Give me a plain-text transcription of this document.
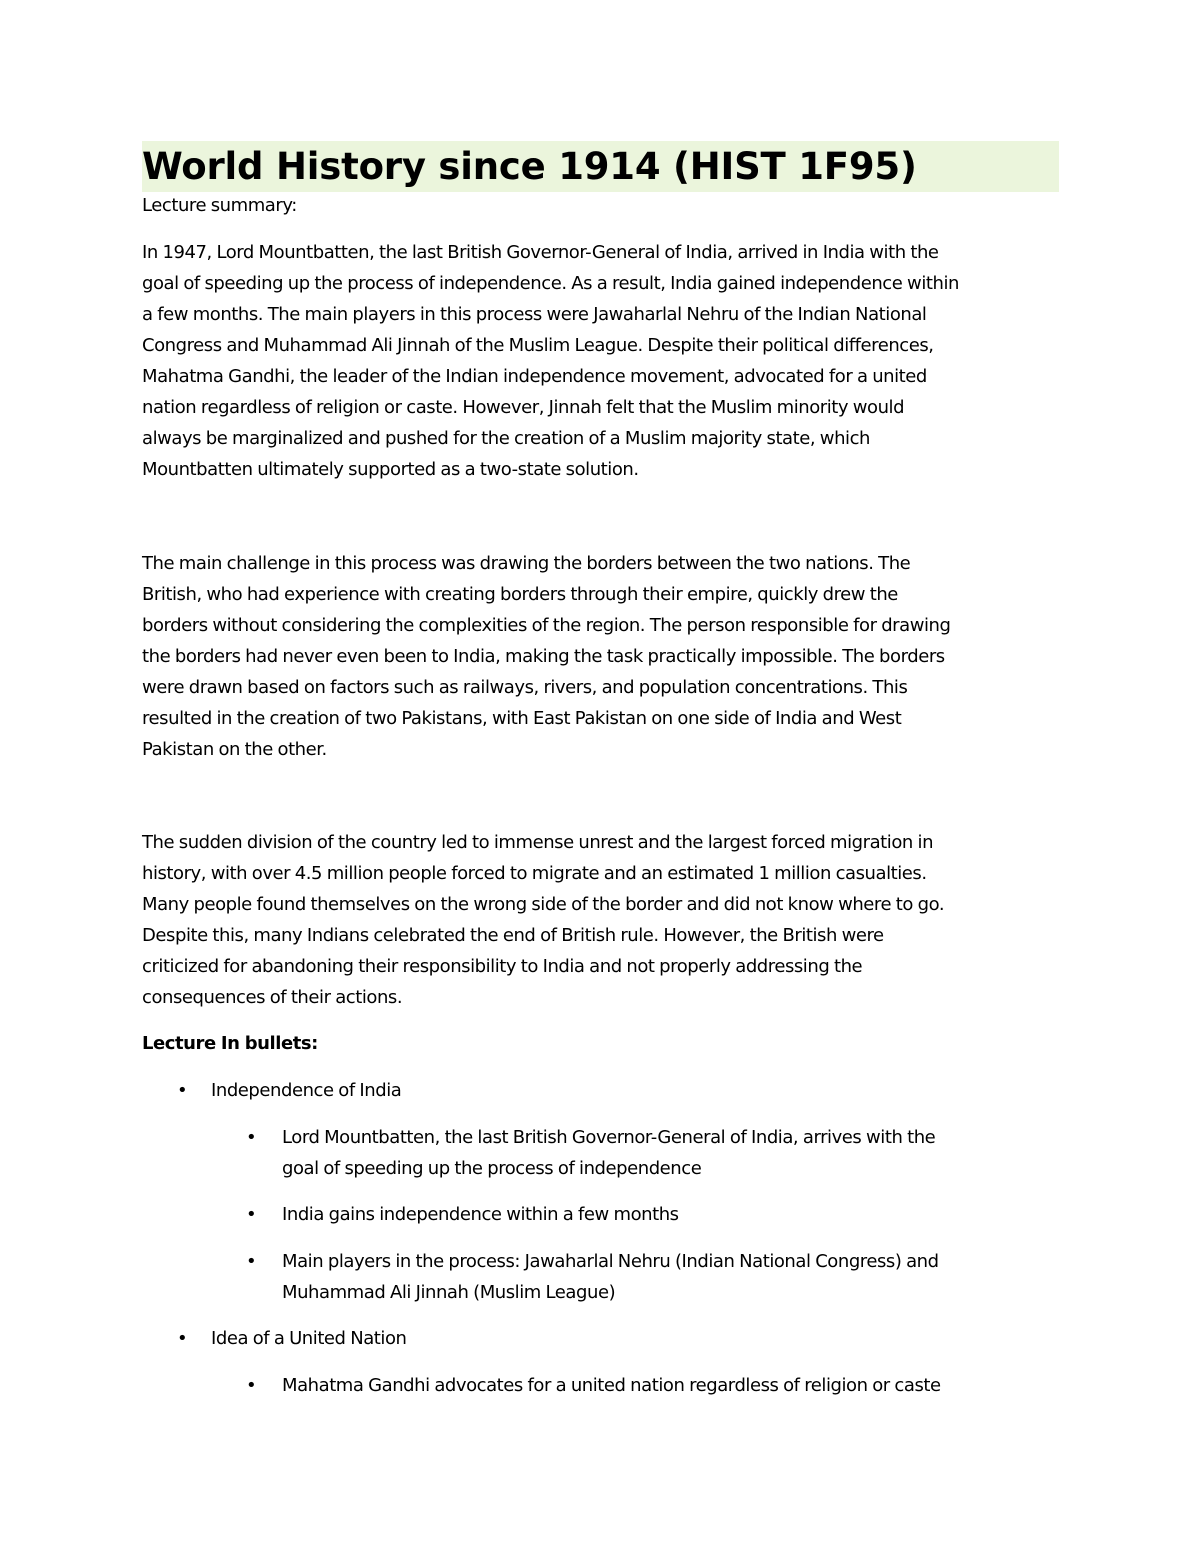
World History since 1914 (HIST 1F95)

Lecture summary:

In 1947, Lord Mountbatten, the last British Governor-General of India, arrived in India with the
goal of speeding up the process of independence. As a result, India gained independence within
a few months. The main players in this process were Jawaharlal Nehru of the Indian National
Congress and Muhammad Ali Jinnah of the Muslim League. Despite their political differences,
Mahatma Gandhi, the leader of the Indian independence movement, advocated for a united
nation regardless of religion or caste. However, Jinnah felt that the Muslim minority would
always be marginalized and pushed for the creation of a Muslim majority state, which
Mountbatten ultimately supported as a two-state solution.

The main challenge in this process was drawing the borders between the two nations. The
British, who had experience with creating borders through their empire, quickly drew the
borders without considering the complexities of the region. The person responsible for drawing
the borders had never even been to India, making the task practically impossible. The borders
were drawn based on factors such as railways, rivers, and population concentrations. This
resulted in the creation of two Pakistans, with East Pakistan on one side of India and West
Pakistan on the other.

The sudden division of the country led to immense unrest and the largest forced migration in
history, with over 4.5 million people forced to migrate and an estimated 1 million casualties.
Many people found themselves on the wrong side of the border and did not know where to go.
Despite this, many Indians celebrated the end of British rule. However, the British were
criticized for abandoning their responsibility to India and not properly addressing the
consequences of their actions.

Lecture In bullets:

• Independence of India
• Lord Mountbatten, the last British Governor-General of India, arrives with the
goal of speeding up the process of independence
• India gains independence within a few months
• Main players in the process: Jawaharlal Nehru (Indian National Congress) and
Muhammad Ali Jinnah (Muslim League)
• Idea of a United Nation
• Mahatma Gandhi advocates for a united nation regardless of religion or caste
